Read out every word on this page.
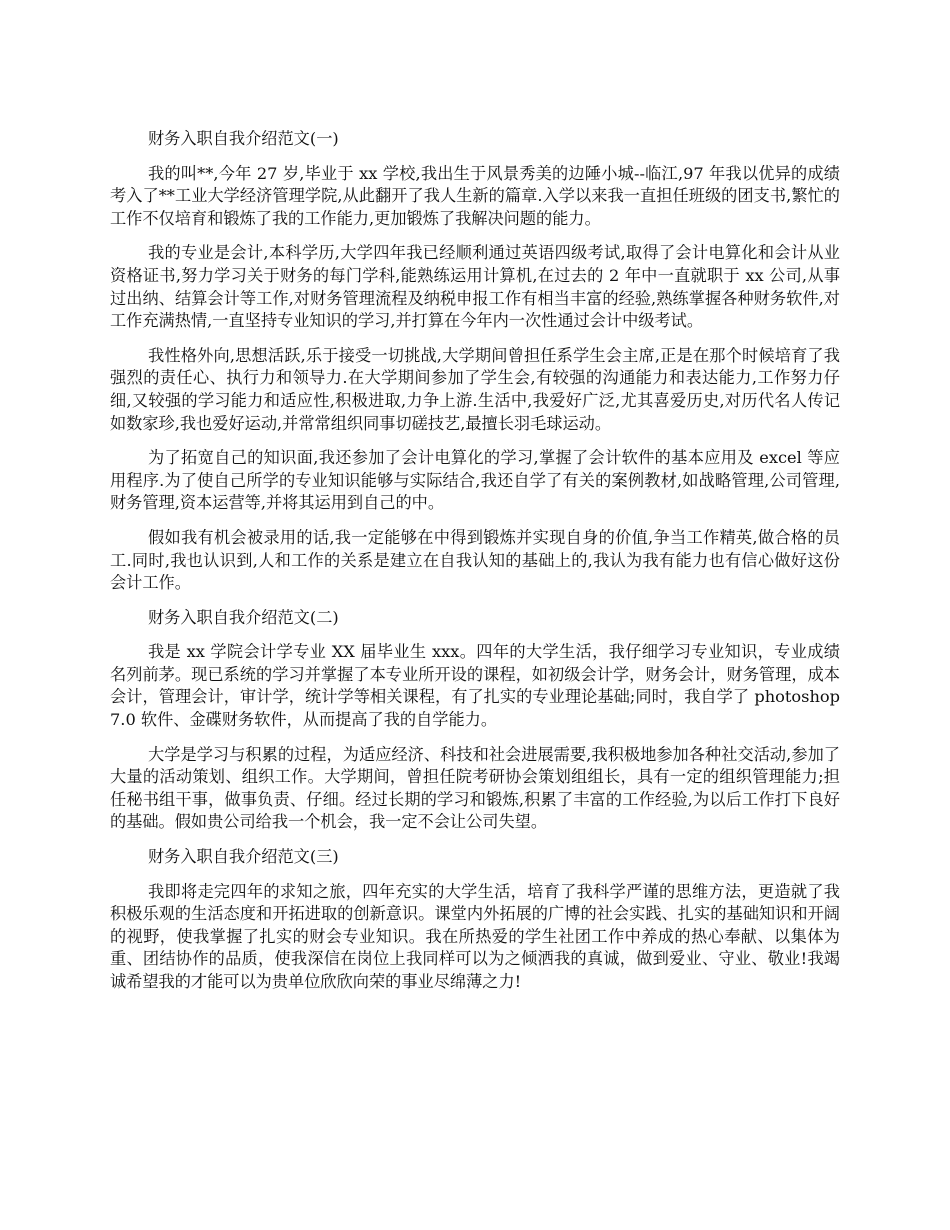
财务入职自我介绍范文(一)

我的叫**,今年 27 岁,毕业于 xx 学校,我出生于风景秀美的边陲小城--临江,97 年我以优异的成绩考入了**工业大学经济管理学院,从此翻开了我人生新的篇章.入学以来我一直担任班级的团支书,繁忙的工作不仅培育和锻炼了我的工作能力,更加锻炼了我解决问题的能力。

我的专业是会计,本科学历,大学四年我已经顺利通过英语四级考试,取得了会计电算化和会计从业资格证书,努力学习关于财务的每门学科,能熟练运用计算机,在过去的 2 年中一直就职于 xx 公司,从事过出纳、结算会计等工作,对财务管理流程及纳税申报工作有相当丰富的经验,熟练掌握各种财务软件,对工作充满热情,一直坚持专业知识的学习,并打算在今年内一次性通过会计中级考试。

我性格外向,思想活跃,乐于接受一切挑战,大学期间曾担任系学生会主席,正是在那个时候培育了我强烈的责任心、执行力和领导力.在大学期间参加了学生会,有较强的沟通能力和表达能力,工作努力仔细,又较强的学习能力和适应性,积极进取,力争上游.生活中,我爱好广泛,尤其喜爱历史,对历代名人传记如数家珍,我也爱好运动,并常常组织同事切磋技艺,最擅长羽毛球运动。

为了拓宽自己的知识面,我还参加了会计电算化的学习,掌握了会计软件的基本应用及 excel 等应用程序.为了使自己所学的专业知识能够与实际结合,我还自学了有关的案例教材,如战略管理,公司管理,财务管理,资本运营等,并将其运用到自己的中。

假如我有机会被录用的话,我一定能够在中得到锻炼并实现自身的价值,争当工作精英,做合格的员工.同时,我也认识到,人和工作的关系是建立在自我认知的基础上的,我认为我有能力也有信心做好这份会计工作。

财务入职自我介绍范文(二)

我是 xx 学院会计学专业 XX 届毕业生 xxx。四年的大学生活，我仔细学习专业知识，专业成绩名列前茅。现已系统的学习并掌握了本专业所开设的课程，如初级会计学，财务会计，财务管理，成本会计，管理会计，审计学，统计学等相关课程，有了扎实的专业理论基础;同时，我自学了 photoshop 7.0 软件、金碟财务软件，从而提高了我的自学能力。

大学是学习与积累的过程，为适应经济、科技和社会进展需要,我积极地参加各种社交活动,参加了大量的活动策划、组织工作。大学期间，曾担任院考研协会策划组组长，具有一定的组织管理能力;担任秘书组干事，做事负责、仔细。经过长期的学习和锻炼,积累了丰富的工作经验,为以后工作打下良好的基础。假如贵公司给我一个机会，我一定不会让公司失望。

财务入职自我介绍范文(三)

我即将走完四年的求知之旅，四年充实的大学生活，培育了我科学严谨的思维方法，更造就了我积极乐观的生活态度和开拓进取的创新意识。课堂内外拓展的广博的社会实践、扎实的基础知识和开阔的视野，使我掌握了扎实的财会专业知识。我在所热爱的学生社团工作中养成的热心奉献、以集体为重、团结协作的品质，使我深信在岗位上我同样可以为之倾洒我的真诚，做到爱业、守业、敬业!我竭诚希望我的才能可以为贵单位欣欣向荣的事业尽绵薄之力!
